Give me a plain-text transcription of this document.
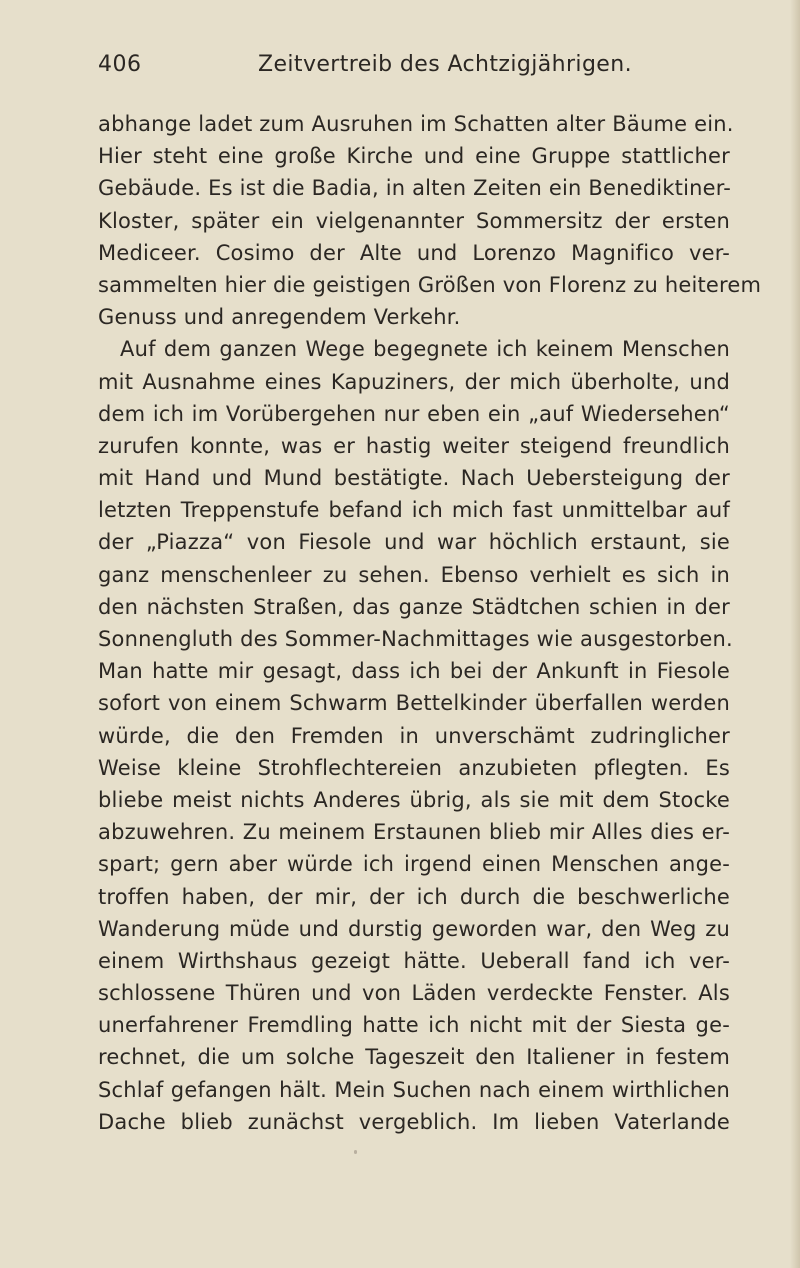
406	Zeitvertreib des Achtzigjährigen.
abhange ladet zum Ausruhen im Schatten alter Bäume ein.
Hier steht eine große Kirche und eine Gruppe stattlicher
Gebäude. Es ist die Badia, in alten Zeiten ein Benediktiner-
Kloster, später ein vielgenannter Sommersitz der ersten
Mediceer. Cosimo der Alte und Lorenzo Magnifico ver-
sammelten hier die geistigen Größen von Florenz zu heiterem
Genuss und anregendem Verkehr.
Auf dem ganzen Wege begegnete ich keinem Menschen
mit Ausnahme eines Kapuziners, der mich überholte, und
dem ich im Vorübergehen nur eben ein „auf Wiedersehen“
zurufen konnte, was er hastig weiter steigend freundlich
mit Hand und Mund bestätigte. Nach Uebersteigung der
letzten Treppenstufe befand ich mich fast unmittelbar auf
der „Piazza“ von Fiesole und war höchlich erstaunt, sie
ganz menschenleer zu sehen. Ebenso verhielt es sich in
den nächsten Straßen, das ganze Städtchen schien in der
Sonnengluth des Sommer-Nachmittages wie ausgestorben.
Man hatte mir gesagt, dass ich bei der Ankunft in Fiesole
sofort von einem Schwarm Bettelkinder überfallen werden
würde, die den Fremden in unverschämt zudringlicher
Weise kleine Strohflechtereien anzubieten pflegten. Es
bliebe meist nichts Anderes übrig, als sie mit dem Stocke
abzuwehren. Zu meinem Erstaunen blieb mir Alles dies er-
spart; gern aber würde ich irgend einen Menschen ange-
troffen haben, der mir, der ich durch die beschwerliche
Wanderung müde und durstig geworden war, den Weg zu
einem Wirthshaus gezeigt hätte. Ueberall fand ich ver-
schlossene Thüren und von Läden verdeckte Fenster. Als
unerfahrener Fremdling hatte ich nicht mit der Siesta ge-
rechnet, die um solche Tageszeit den Italiener in festem
Schlaf gefangen hält. Mein Suchen nach einem wirthlichen
Dache blieb zunächst vergeblich. Im lieben Vaterlande
